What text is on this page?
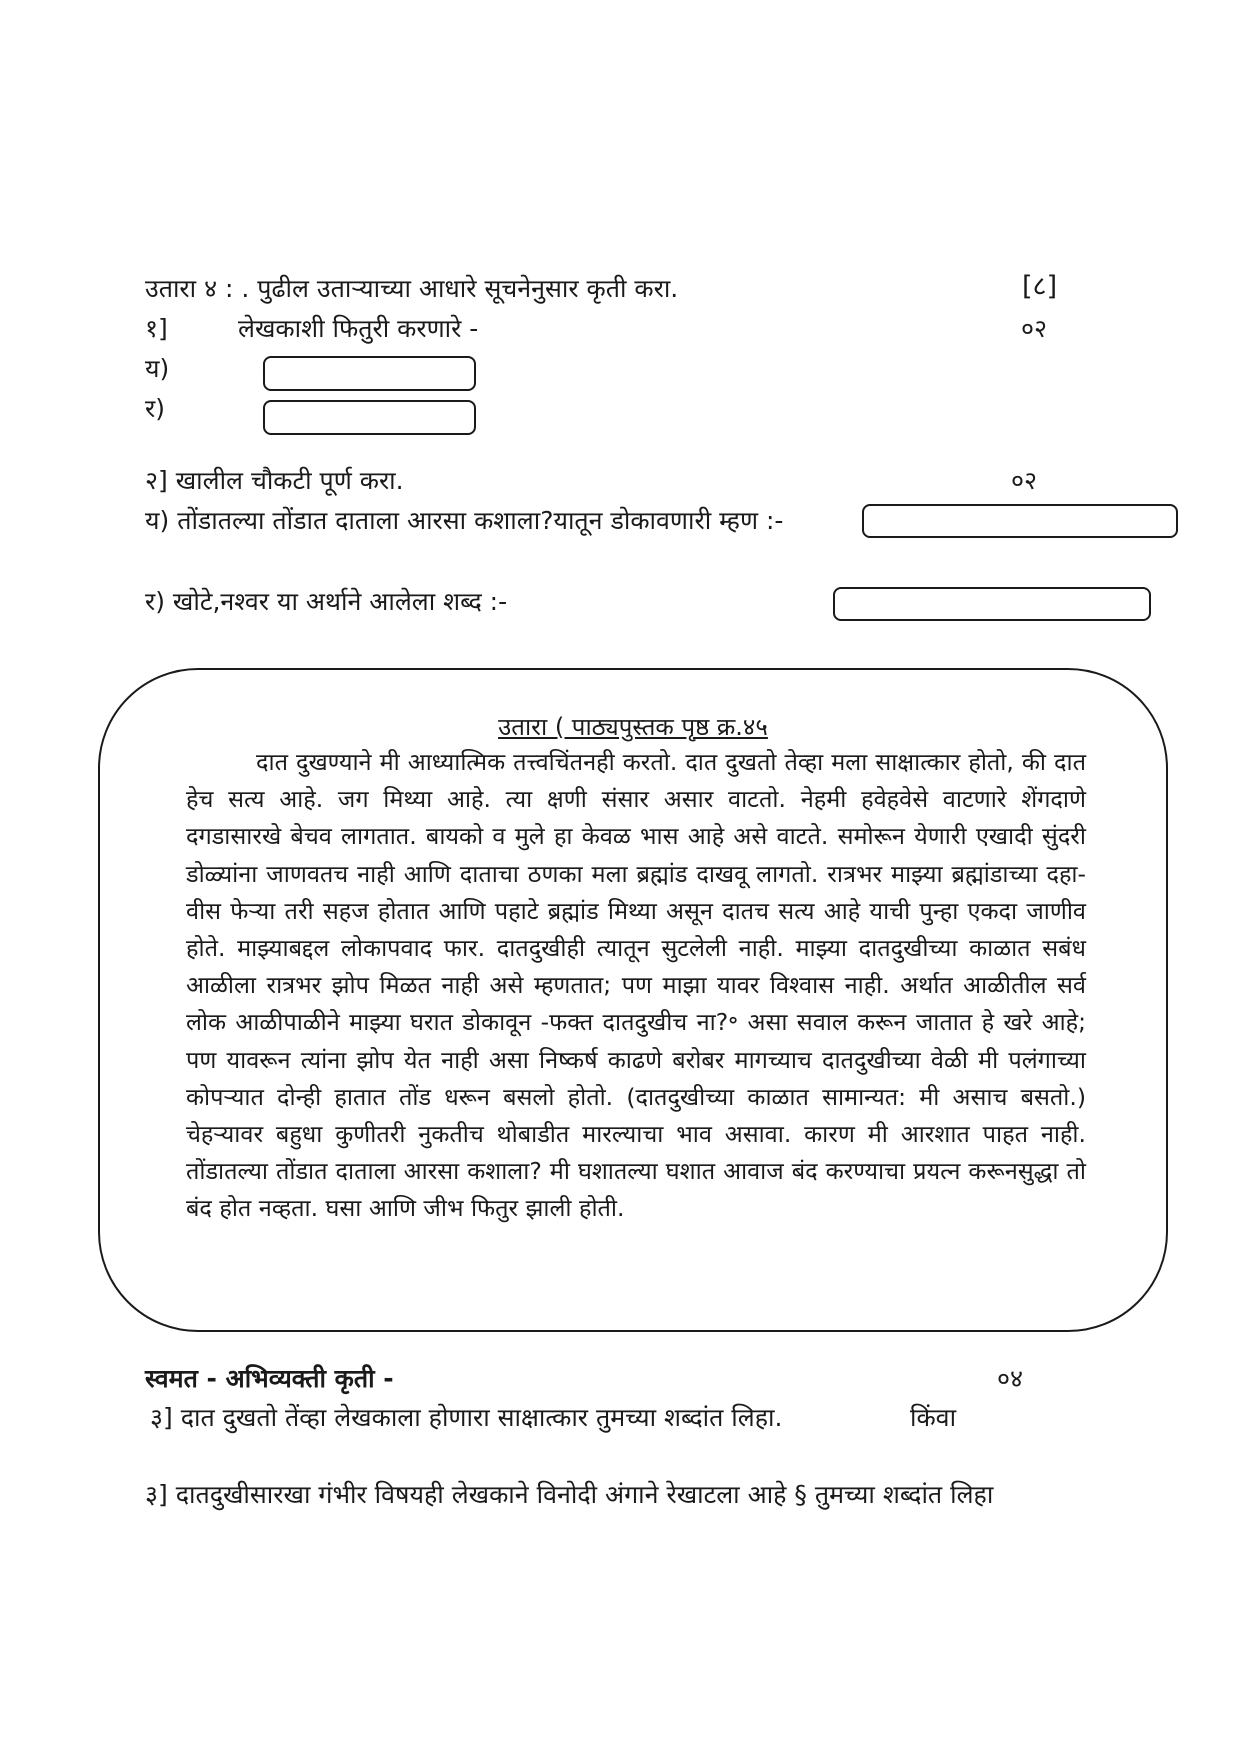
उतारा ४ : . पुढील उताऱ्याच्या आधारे सूचनेनुसार कृती करा.	[८]
१]	लेखकाशी फितुरी करणारे -	०२
य)
र)
२] खालील चौकटी पूर्ण करा.	०२
य) तोंडातल्या तोंडात दाताला आरसा कशाला?यातून डोकावणारी म्हण :-
र) खोटे,नश्वर या अर्थाने आलेला शब्द :-
उतारा ( पाठ्यपुस्तक पृष्ठ क्र.४५
दात दुखण्याने मी आध्यात्मिक तत्त्वचिंतनही करतो. दात दुखतो तेव्हा मला साक्षात्कार होतो, की दात हेच सत्य आहे. जग मिथ्या आहे. त्या क्षणी संसार असार वाटतो. नेहमी हवेहवेसे वाटणारे शेंगदाणे दगडासारखे बेचव लागतात. बायको व मुले हा केवळ भास आहे असे वाटते. समोरून येणारी एखादी सुंदरी डोळ्यांना जाणवतच नाही आणि दाताचा ठणका मला ब्रह्मांड दाखवू लागतो. रात्रभर माझ्या ब्रह्मांडाच्या दहा-वीस फेऱ्या तरी सहज होतात आणि पहाटे ब्रह्मांड मिथ्या असून दातच सत्य आहे याची पुन्हा एकदा जाणीव होते. माझ्याबद्दल लोकापवाद फार. दातदुखीही त्यातून सुटलेली नाही. माझ्या दातदुखीच्या काळात सबंध आळीला रात्रभर झोप मिळत नाही असे म्हणतात; पण माझा यावर विश्वास नाही. अर्थात आळीतील सर्व लोक आळीपाळीने माझ्या घरात डोकावून -फक्त दातदुखीच ना?॰ असा सवाल करून जातात हे खरे आहे; पण यावरून त्यांना झोप येत नाही असा निष्कर्ष काढणे बरोबर मागच्याच दातदुखीच्या वेळी मी पलंगाच्या कोपऱ्यात दोन्ही हातात तोंड धरून बसलो होतो. (दातदुखीच्या काळात सामान्यत: मी असाच बसतो.) चेहऱ्यावर बहुधा कुणीतरी नुकतीच थोबाडीत मारल्याचा भाव असावा. कारण मी आरशात पाहत नाही. तोंडातल्या तोंडात दाताला आरसा कशाला? मी घशातल्या घशात आवाज बंद करण्याचा प्रयत्न करूनसुद्धा तो बंद होत नव्हता. घसा आणि जीभ फितुर झाली होती.
स्वमत - अभिव्यक्ती कृती -	०४
३] दात दुखतो तेंव्हा लेखकाला होणारा साक्षात्कार तुमच्या शब्दांत लिहा.	किंवा
३] दातदुखीसारखा गंभीर विषयही लेखकाने विनोदी अंगाने रेखाटला आहे § तुमच्या शब्दांत लिहा
